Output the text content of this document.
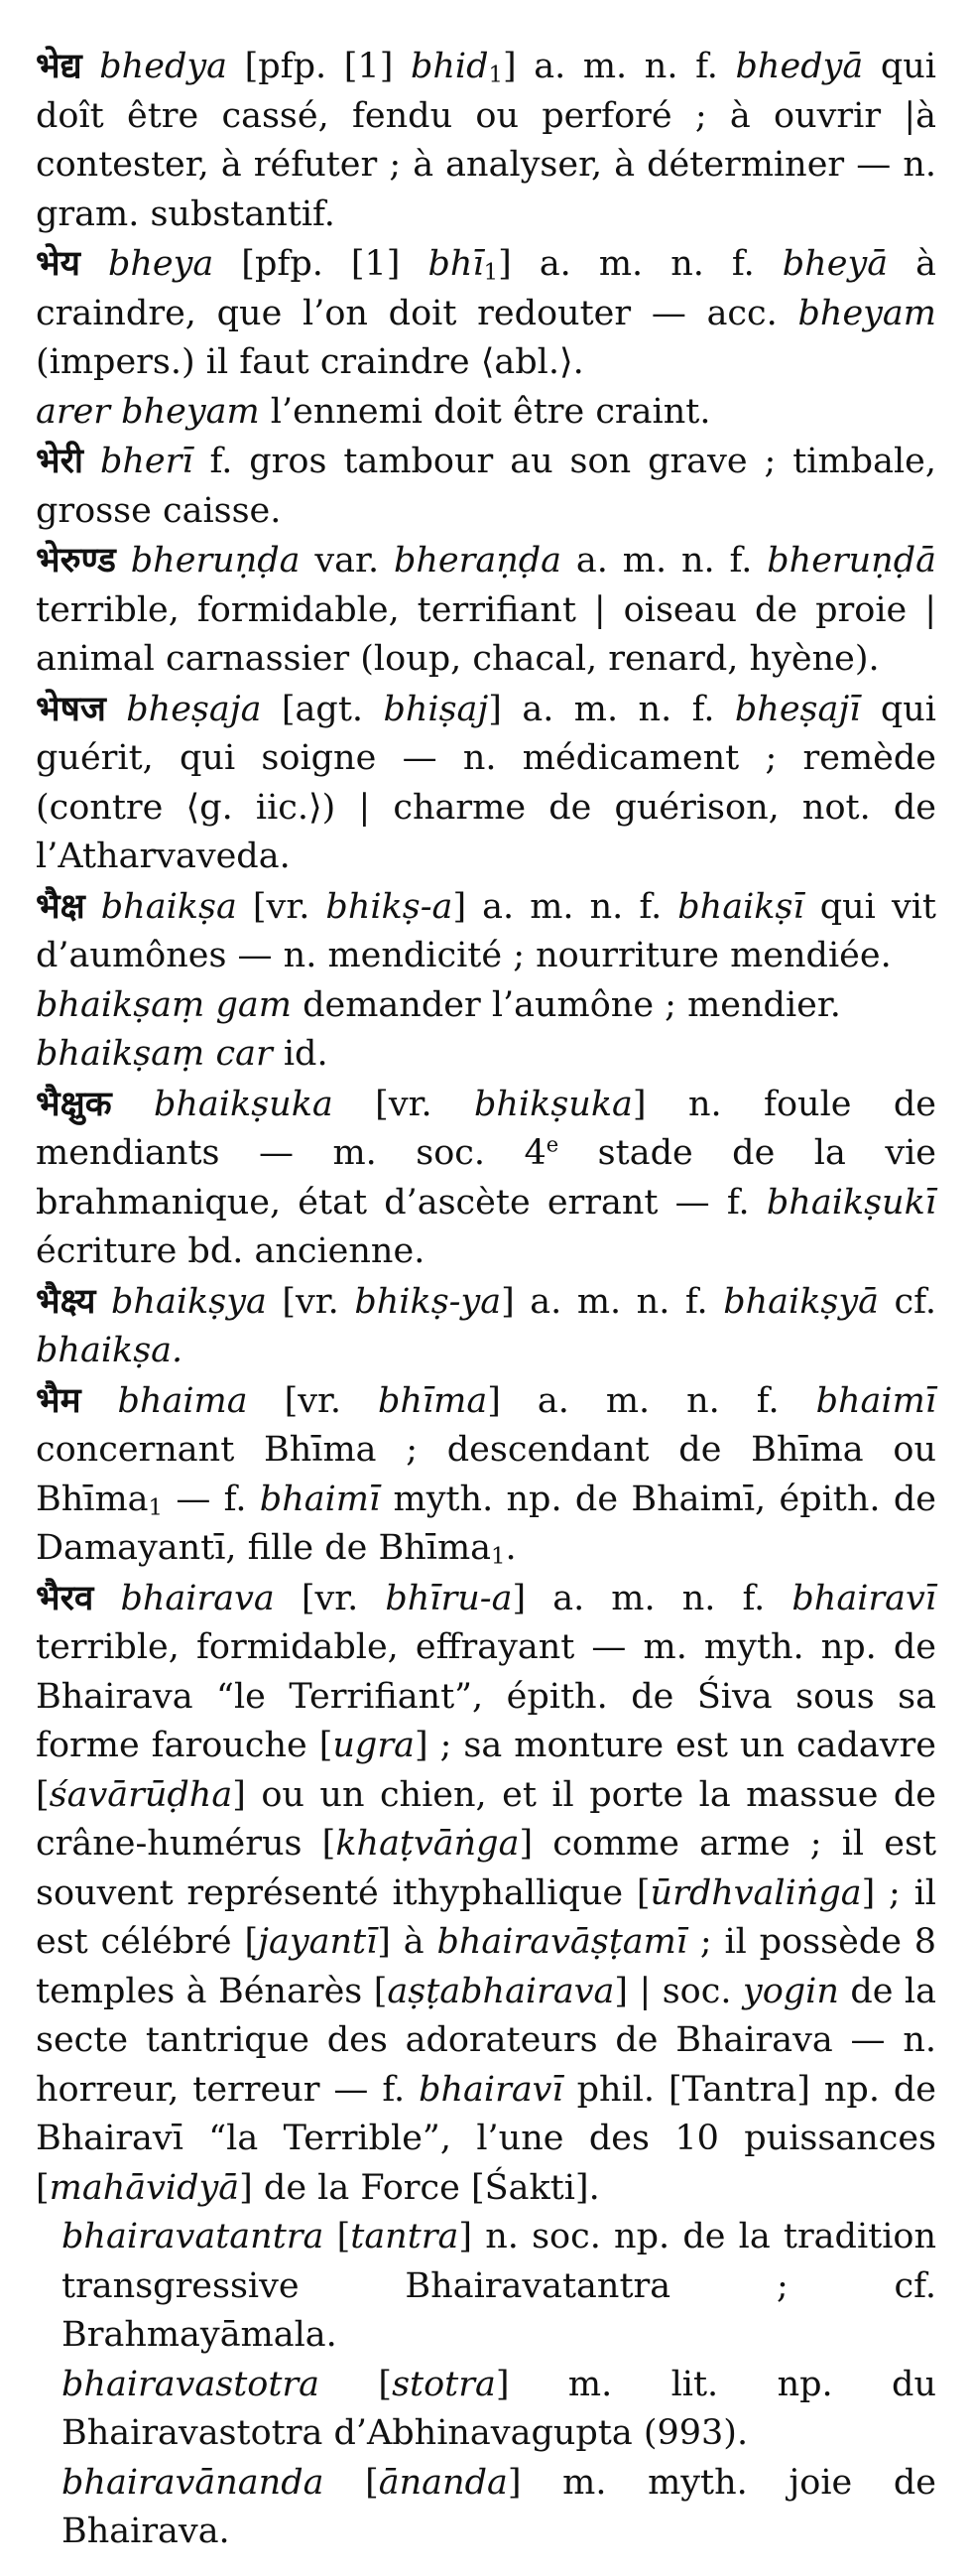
भेद्य bhedya [pfp. [1] bhid$_1$] a. m. n. f. bhedyā qui doît être cassé, fendu ou perforé ; à ouvrir |à contester, à réfuter ; à analyser, à déterminer — n. gram. substantif.

भेय bheya [pfp. [1] bhī$_1$] a. m. n. f. bheyā à craindre, que l’on doit redouter — acc. bheyam (impers.) il faut craindre ⟨abl.⟩.

arer bheyam l’ennemi doit être craint.

भेरी bherī f. gros tambour au son grave ; timbale, grosse caisse.

भेरुण्ड bheruṇḍa var. bheraṇḍa a. m. n. f. bheruṇḍā terrible, formidable, terrifiant | oiseau de proie | animal carnassier (loup, chacal, renard, hyène).

भेषज bheṣaja [agt. bhiṣaj] a. m. n. f. bheṣajī qui guérit, qui soigne — n. médicament ; remède (contre ⟨g. iic.⟩) | charme de guérison, not. de l’Atharvaveda.

भैक्ष bhaikṣa [vr. bhikṣ-a] a. m. n. f. bhaikṣī qui vit d’aumônes — n. mendicité ; nourriture mendiée.

bhaikṣaṃ gam demander l’aumône ; mendier.

bhaikṣaṃ car id.

भैक्षुक bhaikṣuka [vr. bhikṣuka] n. foule de mendiants — m. soc. 4e stade de la vie brahmanique, état d’ascète errant — f. bhaikṣukī écriture bd. ancienne.

भैक्ष्य bhaikṣya [vr. bhikṣ-ya] a. m. n. f. bhaikṣyā cf. bhaikṣa.

भैम bhaima [vr. bhīma] a. m. n. f. bhaimī concernant Bhīma ; descendant de Bhīma ou Bhīma$_1$ — f. bhaimī myth. np. de Bhaimī, épith. de Damayantī, fille de Bhīma$_1$.

भैरव bhairava [vr. bhīru-a] a. m. n. f. bhairavī terrible, formidable, effrayant — m. myth. np. de Bhairava “le Terrifiant”, épith. de Śiva sous sa forme farouche [ugra] ; sa monture est un cadavre [śavārūḍha] ou un chien, et il porte la massue de crâne-humérus [khaṭvāṅga] comme arme ; il est souvent représenté ithyphallique [ūrdhvaliṅga] ; il est célébré [jayantī] à bhairavāṣṭamī ; il possède 8 temples à Bénarès [aṣṭabhairava] | soc. yogin de la secte tantrique des adorateurs de Bhairava — n. horreur, terreur — f. bhairavī phil. [Tantra] np. de Bhairavī “la Terrible”, l’une des 10 puissances [mahāvidyā] de la Force [Śakti].

bhairavatantra [tantra] n. soc. np. de la tradition transgressive Bhairavatantra ; cf. Brahmayāmala.

bhairavastotra [stotra] m. lit. np. du Bhairavastotra d’Abhinavagupta (993).

bhairavānanda [ānanda] m. myth. joie de Bhairava.
